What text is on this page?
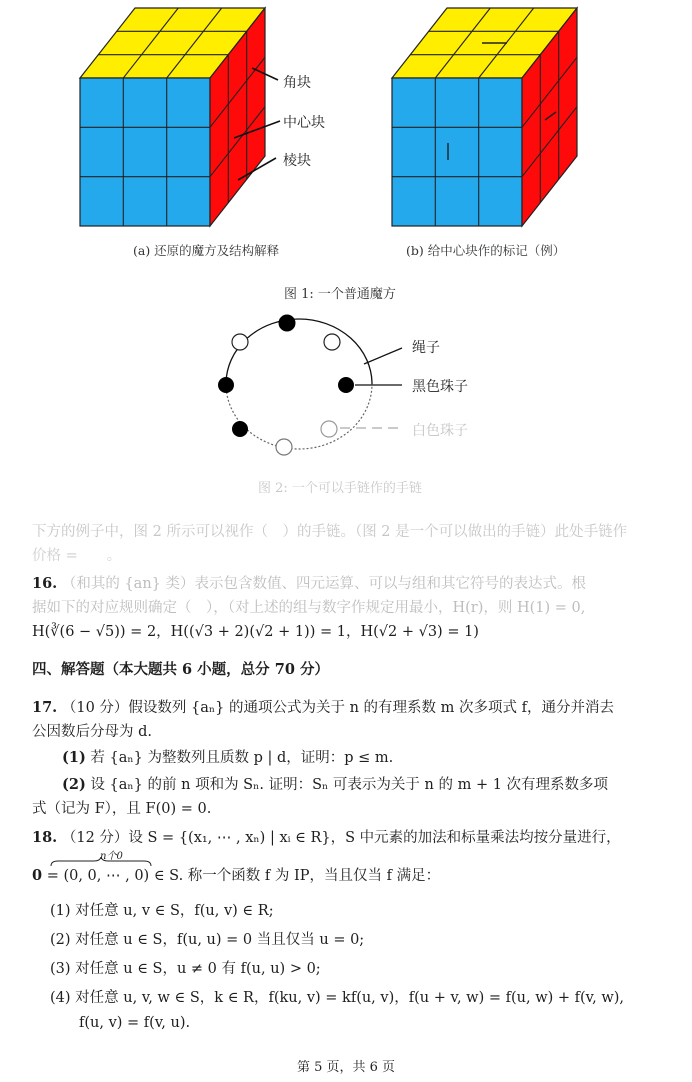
角块
中心块
棱块
(a) 还原的魔方及结构解释	(b) 给中心块作的标记（例）
图 1: 一个普通魔方
绳子
黑色珠子
白色珠子
图 2: 一个可以手链作的手链
下方的例子中，图 2 所示可以视作（　）的手链。（图 2 是一个可以做出的手链）此处手链作
价格 =　　。
16. （和其的 {an} 类）表示包含数值、四元运算、可以与组和其它符号的表达式。根
据如下的对应规则确定（　），（对上述的组与数字作规定用最小，H(r)，则 H(1) = 0,
H(∛(6 − √5)) = 2，H((√3 + 2)(√2 + 1)) = 1，H(√2 + √3) = 1)
四、解答题（本大题共 6 小题，总分 70 分）
17. （10 分）假设数列 {aₙ} 的通项公式为关于 n 的有理系数 m 次多项式 f，通分并消去
公因数后分母为 d.
(1) 若 {aₙ} 为整数列且质数 p | d，证明：p ≤ m.
(2) 设 {aₙ} 的前 n 项和为 Sₙ. 证明：Sₙ 可表示为关于 n 的 m + 1 次有理系数多项
式（记为 F），且 F(0) = 0.
18. （12 分）设 S = {(x₁, ⋯ , xₙ) | xᵢ ∈ R}，S 中元素的加法和标量乘法均按分量进行，
n个0
0 = (0, 0, ⋯ , 0) ∈ S. 称一个函数 f 为 IP，当且仅当 f 满足：
(1) 对任意 u, v ∈ S，f(u, v) ∈ R;
(2) 对任意 u ∈ S，f(u, u) = 0 当且仅当 u = 0;
(3) 对任意 u ∈ S，u ≠ 0 有 f(u, u) > 0;
(4) 对任意 u, v, w ∈ S，k ∈ R，f(ku, v) = kf(u, v)，f(u + v, w) = f(u, w) + f(v, w),
f(u, v) = f(v, u).
第 5 页，共 6 页
